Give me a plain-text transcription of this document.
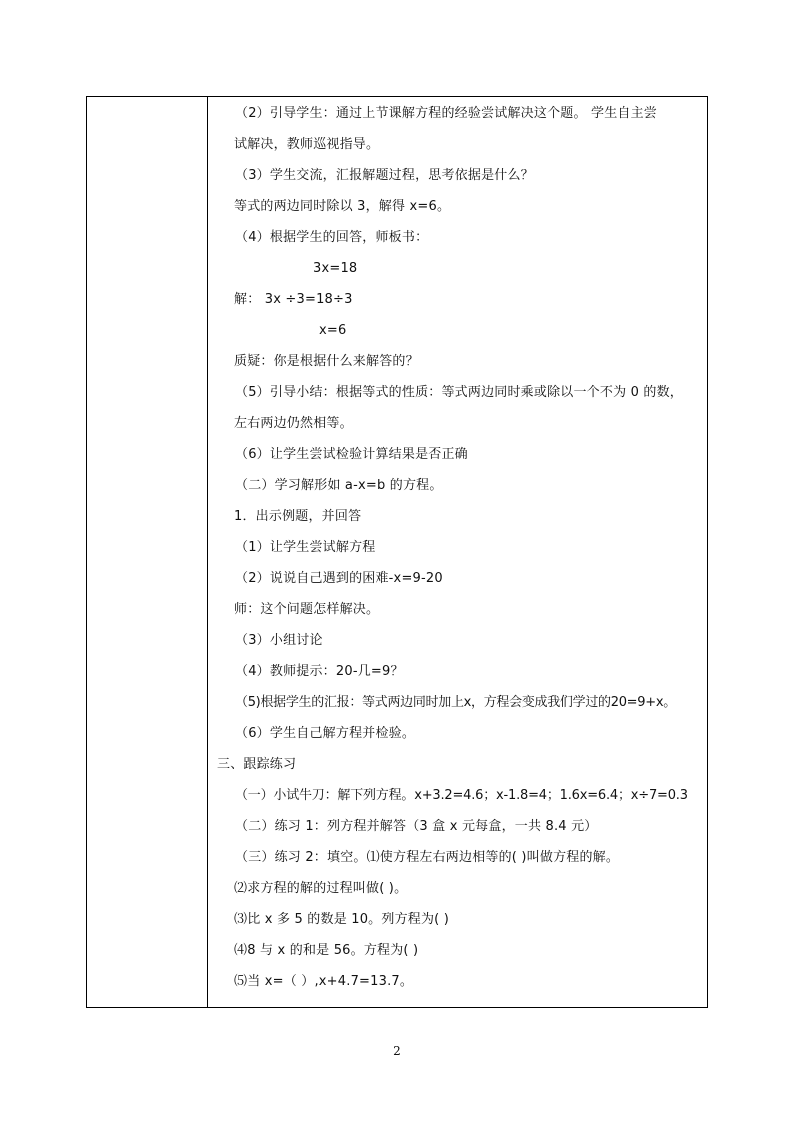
（2）引导学生：通过上节课解方程的经验尝试解决这个题。 学生自主尝
试解决，教师巡视指导。
（3）学生交流，汇报解题过程，思考依据是什么？
等式的两边同时除以 3，解得 x=6。
（4）根据学生的回答，师板书：
3x=18
解： 3x ÷3=18÷3
x=6
质疑：你是根据什么来解答的？
（5）引导小结：根据等式的性质：等式两边同时乘或除以一个不为 0 的数，
左右两边仍然相等。
（6）让学生尝试检验计算结果是否正确
（二）学习解形如 a-x=b 的方程。
1．出示例题，并回答
（1）让学生尝试解方程
（2）说说自己遇到的困难-x=9-20
师：这个问题怎样解决。
（3）小组讨论
（4）教师提示：20-几=9？
（5)根据学生的汇报：等式两边同时加上x，方程会变成我们学过的20=9+x。
（6）学生自己解方程并检验。
三、跟踪练习
（一）小试牛刀：解下列方程。x+3.2=4.6；x-1.8=4；1.6x=6.4；x÷7=0.3
（二）练习 1：列方程并解答（3 盒 x 元每盒，一共 8.4 元）
（三）练习 2：填空。⑴使方程左右两边相等的( )叫做方程的解。
⑵求方程的解的过程叫做( )。
⑶比 x 多 5 的数是 10。列方程为( )
⑷8 与 x 的和是 56。方程为( )
⑸当 x=（ ）,x+4.7=13.7。
2
